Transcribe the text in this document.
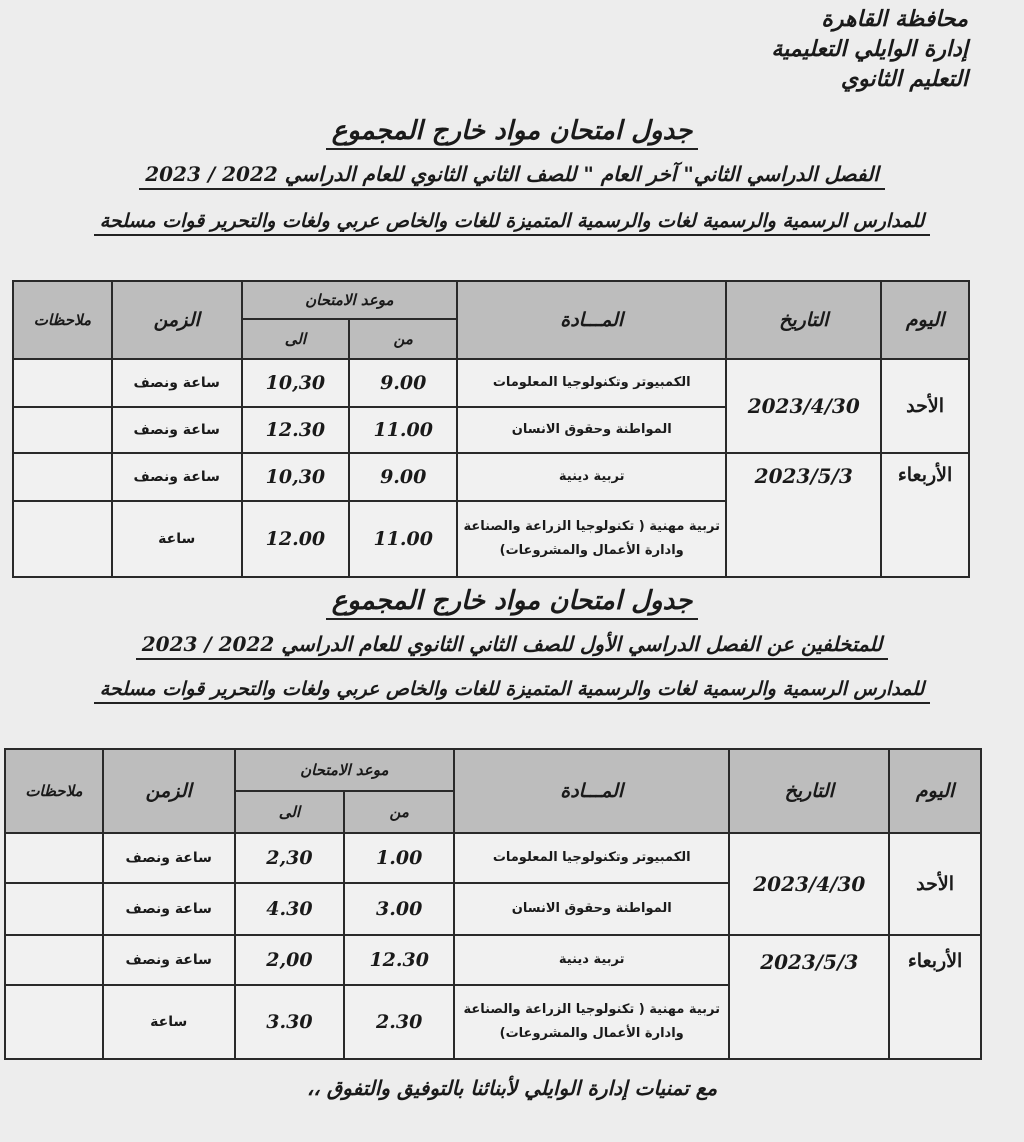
محافظة القاهرة
إدارة الوايلي التعليمية
التعليم الثانوي
جدول امتحان مواد خارج المجموع
الفصل الدراسي الثاني" آخر العام " للصف الثاني الثانوي للعام الدراسي 2022 / 2023
للمدارس الرسمية والرسمية لغات والرسمية المتميزة للغات والخاص عربي ولغات والتحرير قوات مسلحة
اليوم	التاريخ	المـــادة	موعد الامتحان		الزمن	ملاحظات
			من	الى		
الأحد	2023/4/30	الكمبيوتر وتكنولوجيا المعلومات	9.00	10,30	ساعة ونصف	
		المواطنة وحقوق الانسان	11.00	12.30	ساعة ونصف	
الأربعاء	2023/5/3	تربية دينية	9.00	10,30	ساعة ونصف	
		تربية مهنية ( تكنولوجيا الزراعة والصناعة وادارة الأعمال والمشروعات)	11.00	12.00	ساعة	
جدول امتحان مواد خارج المجموع
للمتخلفين عن الفصل الدراسي الأول للصف الثاني الثانوي للعام الدراسي 2022 / 2023
للمدارس الرسمية والرسمية لغات والرسمية المتميزة للغات والخاص عربي ولغات والتحرير قوات مسلحة
اليوم	التاريخ	المـــادة	موعد الامتحان		الزمن	ملاحظات
			من	الى		
الأحد	2023/4/30	الكمبيوتر وتكنولوجيا المعلومات	1.00	2,30	ساعة ونصف	
		المواطنة وحقوق الانسان	3.00	4.30	ساعة ونصف	
الأربعاء	2023/5/3	تربية دينية	12.30	2,00	ساعة ونصف	
		تربية مهنية ( تكنولوجيا الزراعة والصناعة وادارة الأعمال والمشروعات)	2.30	3.30	ساعة	
مع تمنيات إدارة الوايلي لأبنائنا بالتوفيق والتفوق ،،
